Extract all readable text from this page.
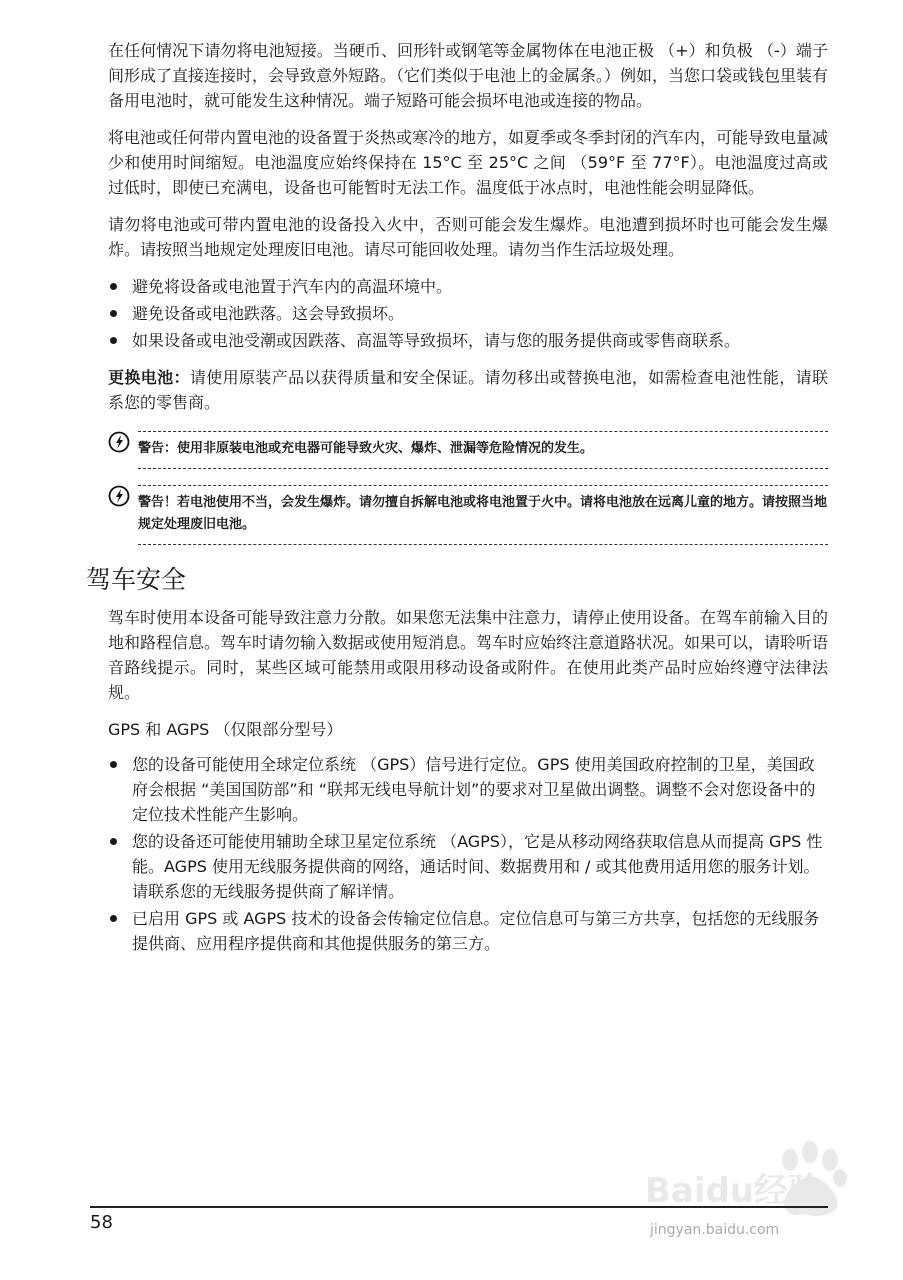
在任何情况下请勿将电池短接。当硬币、回形针或钢笔等金属物体在电池正极 （+）和负极 （-）端子间形成了直接连接时，会导致意外短路。（它们类似于电池上的金属条。）例如，当您口袋或钱包里装有备用电池时，就可能发生这种情况。端子短路可能会损坏电池或连接的物品。

将电池或任何带内置电池的设备置于炎热或寒冷的地方，如夏季或冬季封闭的汽车内，可能导致电量减少和使用时间缩短。电池温度应始终保持在 15°C 至 25°C 之间 （59°F 至 77°F）。电池温度过高或过低时，即使已充满电，设备也可能暂时无法工作。温度低于冰点时，电池性能会明显降低。

请勿将电池或可带内置电池的设备投入火中，否则可能会发生爆炸。电池遭到损坏时也可能会发生爆炸。请按照当地规定处理废旧电池。请尽可能回收处理。请勿当作生活垃圾处理。

避免将设备或电池置于汽车内的高温环境中。
避免设备或电池跌落。这会导致损坏。
如果设备或电池受潮或因跌落、高温等导致损坏，请与您的服务提供商或零售商联系。

更换电池：请使用原装产品以获得质量和安全保证。请勿移出或替换电池，如需检查电池性能，请联系您的零售商。

警告：使用非原装电池或充电器可能导致火灾、爆炸、泄漏等危险情况的发生。
警告！若电池使用不当，会发生爆炸。请勿擅自拆解电池或将电池置于火中。请将电池放在远离儿童的地方。请按照当地规定处理废旧电池。
驾车安全

驾车时使用本设备可能导致注意力分散。如果您无法集中注意力，请停止使用设备。在驾车前输入目的地和路程信息。驾车时请勿输入数据或使用短消息。驾车时应始终注意道路状况。如果可以，请聆听语音路线提示。同时，某些区域可能禁用或限用移动设备或附件。在使用此类产品时应始终遵守法律法规。

GPS 和 AGPS （仅限部分型号）

您的设备可能使用全球定位系统 （GPS）信号进行定位。GPS 使用美国政府控制的卫星，美国政府会根据 “美国国防部”和 “联邦无线电导航计划”的要求对卫星做出调整。调整不会对您设备中的定位技术性能产生影响。
您的设备还可能使用辅助全球卫星定位系统 （AGPS），它是从移动网络获取信息从而提高 GPS 性能。AGPS 使用无线服务提供商的网络，通话时间、数据费用和 / 或其他费用适用您的服务计划。请联系您的无线服务提供商了解详情。
已启用 GPS 或 AGPS 技术的设备会传输定位信息。定位信息可与第三方共享，包括您的无线服务提供商、应用程序提供商和其他提供服务的第三方。
Baidu经验
jingyan.baidu.com
58
